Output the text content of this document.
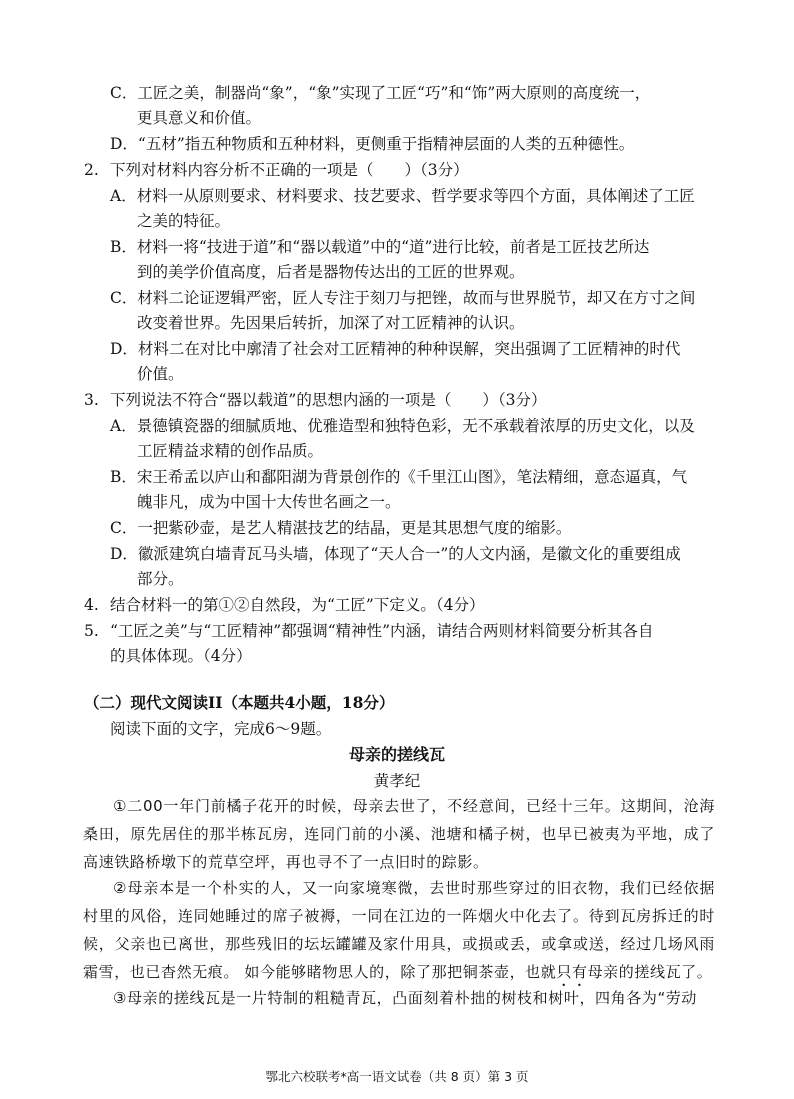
C．工匠之美，制器尚“象”，“象”实现了工匠“巧”和“饰”两大原则的高度统一，
更具意义和价值。
D．“五材”指五种物质和五种材料，更侧重于指精神层面的人类的五种德性。
2. 下列对材料内容分析不正确的一项是（　　）（3分）
A．材料一从原则要求、材料要求、技艺要求、哲学要求等四个方面，具体阐述了工匠
之美的特征。
B．材料一将“技进于道”和“器以载道”中的“道”进行比较，前者是工匠技艺所达
到的美学价值高度，后者是器物传达出的工匠的世界观。
C．材料二论证逻辑严密，匠人专注于刻刀与把锉，故而与世界脱节，却又在方寸之间
改变着世界。先因果后转折，加深了对工匠精神的认识。
D．材料二在对比中廓清了社会对工匠精神的种种误解，突出强调了工匠精神的时代
价值。
3. 下列说法不符合“器以载道”的思想内涵的一项是（　　）（3分）
A．景德镇瓷器的细腻质地、优雅造型和独特色彩，无不承载着浓厚的历史文化，以及
工匠精益求精的创作品质。
B．宋王希孟以庐山和鄱阳湖为背景创作的《千里江山图》，笔法精细，意态逼真，气
魄非凡，成为中国十大传世名画之一。
C．一把紫砂壶，是艺人精湛技艺的结晶，更是其思想气度的缩影。
D．徽派建筑白墙青瓦马头墙，体现了“天人合一”的人文内涵，是徽文化的重要组成
部分。
4. 结合材料一的第①②自然段，为“工匠”下定义。（4分）
5. “工匠之美”与“工匠精神”都强调“精神性”内涵，请结合两则材料简要分析其各自
的具体体现。（4分）
（二）现代文阅读II（本题共4小题，18分）
阅读下面的文字，完成6～9题。
母亲的搓线瓦
黄孝纪
①二00一年门前橘子花开的时候，母亲去世了，不经意间，已经十三年。这期间，沧海桑田，原先居住的那半栋瓦房，连同门前的小溪、池塘和橘子树，也早已被夷为平地，成了高速铁路桥墩下的荒草空坪，再也寻不了一点旧时的踪影。
②母亲本是一个朴实的人，又一向家境寒微，去世时那些穿过的旧衣物，我们已经依据村里的风俗，连同她睡过的席子被褥，一同在江边的一阵烟火中化去了。待到瓦房拆迁的时候，父亲也已离世，那些残旧的坛坛罐罐及家什用具，或损或丢，或拿或送，经过几场风雨霜雪，也已杳然无痕。 如今能够睹物思人的，除了那把铜茶壶，也就只有母亲的搓线瓦了。
③母亲的搓线瓦是一片特制的粗糙青瓦，凸面刻着朴拙的树枝和树叶，四角各为“劳动
鄂北六校联考*高一语文试卷（共 8 页）第 3 页
